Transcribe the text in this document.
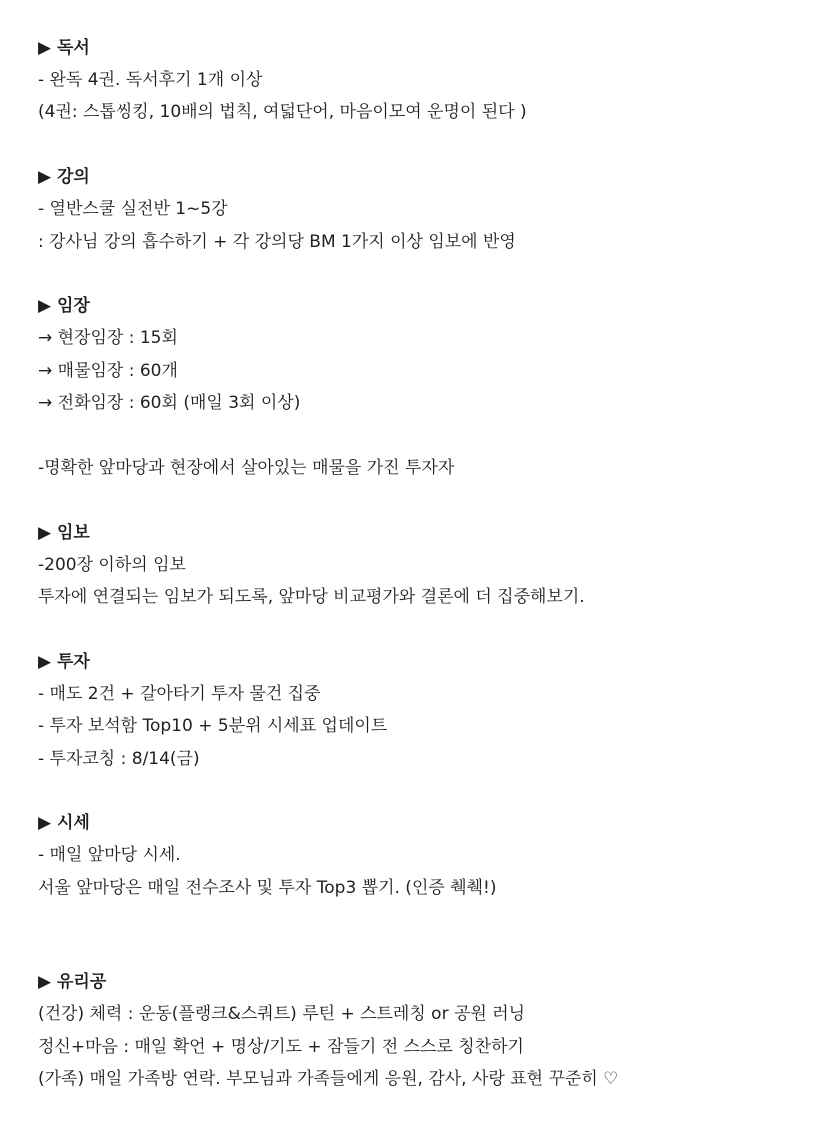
▶ 독서
- 완독 4권. 독서후기 1개 이상
(4권: 스톱씽킹, 10배의 법칙, 여덟단어, 마음이모여 운명이 된다 )
▶ 강의
- 열반스쿨 실전반 1~5강
: 강사님 강의 흡수하기 + 각 강의당 BM 1가지 이상 임보에 반영
▶ 임장
→ 현장임장 : 15회
→ 매물임장 : 60개
→ 전화임장 : 60회 (매일 3회 이상)
-명확한 앞마당과 현장에서 살아있는 매물을 가진 투자자
▶ 임보
-200장 이하의 임보
투자에 연결되는 임보가 되도록, 앞마당 비교평가와 결론에 더 집중해보기.
▶ 투자
- 매도 2건 + 갈아타기 투자 물건 집중
- 투자 보석함 Top10 + 5분위 시세표 업데이트
- 투자코칭 : 8/14(금)
▶ 시세
- 매일 앞마당 시세.
서울 앞마당은 매일 전수조사 및 투자 Top3 뽑기. (인증 췍췍!)
▶ 유리공
(건강) 체력 : 운동(플랭크&스쿼트) 루틴 + 스트레칭 or 공원 러닝
정신+마음 : 매일 확언 + 명상/기도 + 잠들기 전 스스로 칭찬하기
(가족) 매일 가족방 연락. 부모님과 가족들에게 응원, 감사, 사랑 표현 꾸준히 ♡
